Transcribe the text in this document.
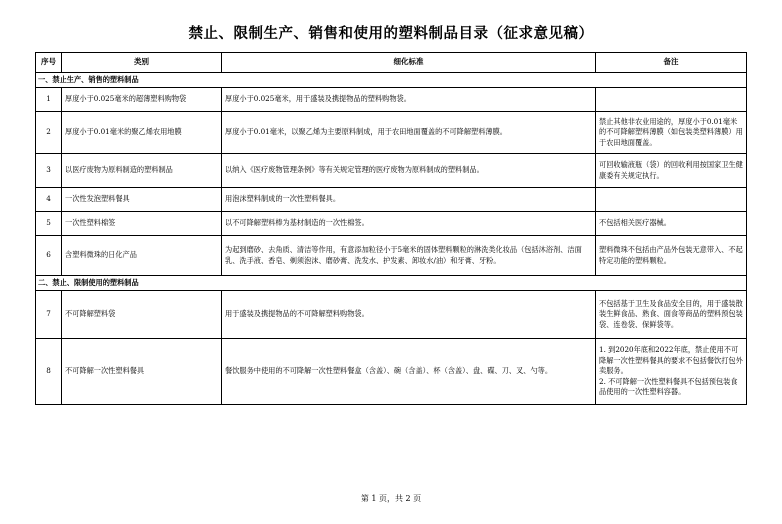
禁止、限制生产、销售和使用的塑料制品目录（征求意见稿）
序号	类别	细化标准	备注
一、禁止生产、销售的塑料制品			
1	厚度小于0.025毫米的超薄塑料购物袋	厚度小于0.025毫米，用于盛装及携提物品的塑料购物袋。	
2	厚度小于0.01毫米的聚乙烯农用地膜	厚度小于0.01毫米，以聚乙烯为主要原料制成，用于农田地面覆盖的不可降解塑料薄膜。	禁止其他非农业用途的，厚度小于0.01毫米的不可降解塑料薄膜（如包装类塑料薄膜）用于农田地面覆盖。
3	以医疗废物为原料制造的塑料制品	以纳入《医疗废物管理条例》等有关规定管理的医疗废物为原料制成的塑料制品。	可回收输液瓶（袋）的回收利用按国家卫生健康委有关规定执行。
4	一次性发泡塑料餐具	用泡沫塑料制成的一次性塑料餐具。	
5	一次性塑料棉签	以不可降解塑料棒为基材制造的一次性棉签。	不包括相关医疗器械。
6	含塑料微珠的日化产品	为起到磨砂、去角质、清洁等作用，有意添加粒径小于5毫米的固体塑料颗粒的淋洗类化妆品（包括沐浴剂、洁面乳、洗手液、香皂、剃须泡沫、磨砂膏、洗发水、护发素、卸妆水/油）和牙膏、牙粉。	塑料微珠不包括由产品外包装无意带入、不起特定功能的塑料颗粒。
二、禁止、限制使用的塑料制品			
7	不可降解塑料袋	用于盛装及携提物品的不可降解塑料购物袋。	不包括基于卫生及食品安全目的，用于盛装散装生鲜食品、熟食、面食等商品的塑料预包装袋、连卷袋、保鲜袋等。
8	不可降解一次性塑料餐具	餐饮服务中使用的不可降解一次性塑料餐盒（含盖）、碗（含盖）、杯（含盖）、盘、碟、刀、叉、勺等。	1. 到2020年底和2022年底，禁止使用不可降解一次性塑料餐具的要求不包括餐饮打包外卖服务。
2. 不可降解一次性塑料餐具不包括预包装食品使用的一次性塑料容器。
第 1 页，共 2 页
